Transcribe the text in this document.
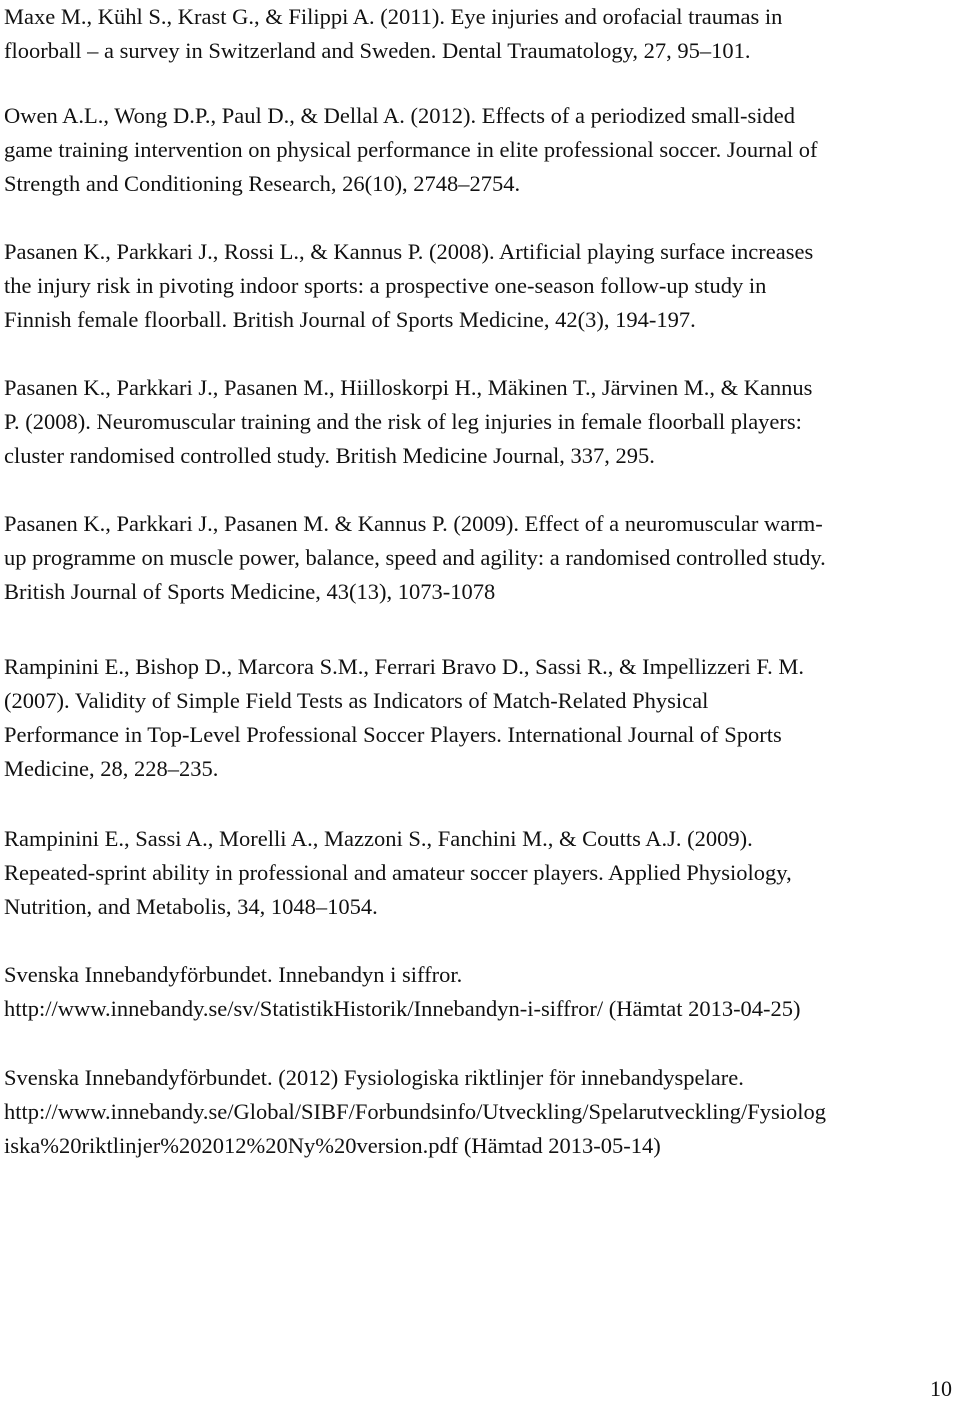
Maxe M., Kühl S., Krast G., & Filippi A. (2011). Eye injuries and orofacial traumas in
floorball – a survey in Switzerland and Sweden. Dental Traumatology, 27, 95–101.

Owen A.L., Wong D.P., Paul D., & Dellal A. (2012). Effects of a periodized small-sided
game training intervention on physical performance in elite professional soccer. Journal of
Strength and Conditioning Research, 26(10), 2748–2754.

Pasanen K., Parkkari J., Rossi L., & Kannus P. (2008). Artificial playing surface increases
the injury risk in pivoting indoor sports: a prospective one-season follow-up study in
Finnish female floorball. British Journal of Sports Medicine, 42(3), 194-197.

Pasanen K., Parkkari J., Pasanen M., Hiilloskorpi H., Mäkinen T., Järvinen M., & Kannus
P. (2008). Neuromuscular training and the risk of leg injuries in female floorball players:
cluster randomised controlled study. British Medicine Journal, 337, 295.

Pasanen K., Parkkari J., Pasanen M. & Kannus P. (2009). Effect of a neuromuscular warm-
up programme on muscle power, balance, speed and agility: a randomised controlled study.
British Journal of Sports Medicine, 43(13), 1073-1078

Rampinini E., Bishop D., Marcora S.M., Ferrari Bravo D., Sassi R., & Impellizzeri F. M.
(2007). Validity of Simple Field Tests as Indicators of Match-Related Physical
Performance in Top-Level Professional Soccer Players. International Journal of Sports
Medicine, 28, 228–235.

Rampinini E., Sassi A., Morelli A., Mazzoni S., Fanchini M., & Coutts A.J. (2009).
Repeated-sprint ability in professional and amateur soccer players. Applied Physiology,
Nutrition, and Metabolis, 34, 1048–1054.

Svenska Innebandyförbundet. Innebandyn i siffror.
http://www.innebandy.se/sv/StatistikHistorik/Innebandyn-i-siffror/ (Hämtat 2013-04-25)

Svenska Innebandyförbundet. (2012) Fysiologiska riktlinjer för innebandyspelare.
http://www.innebandy.se/Global/SIBF/Forbundsinfo/Utveckling/Spelarutveckling/Fysiolog
iska%20riktlinjer%202012%20Ny%20version.pdf (Hämtad 2013-05-14)

10
